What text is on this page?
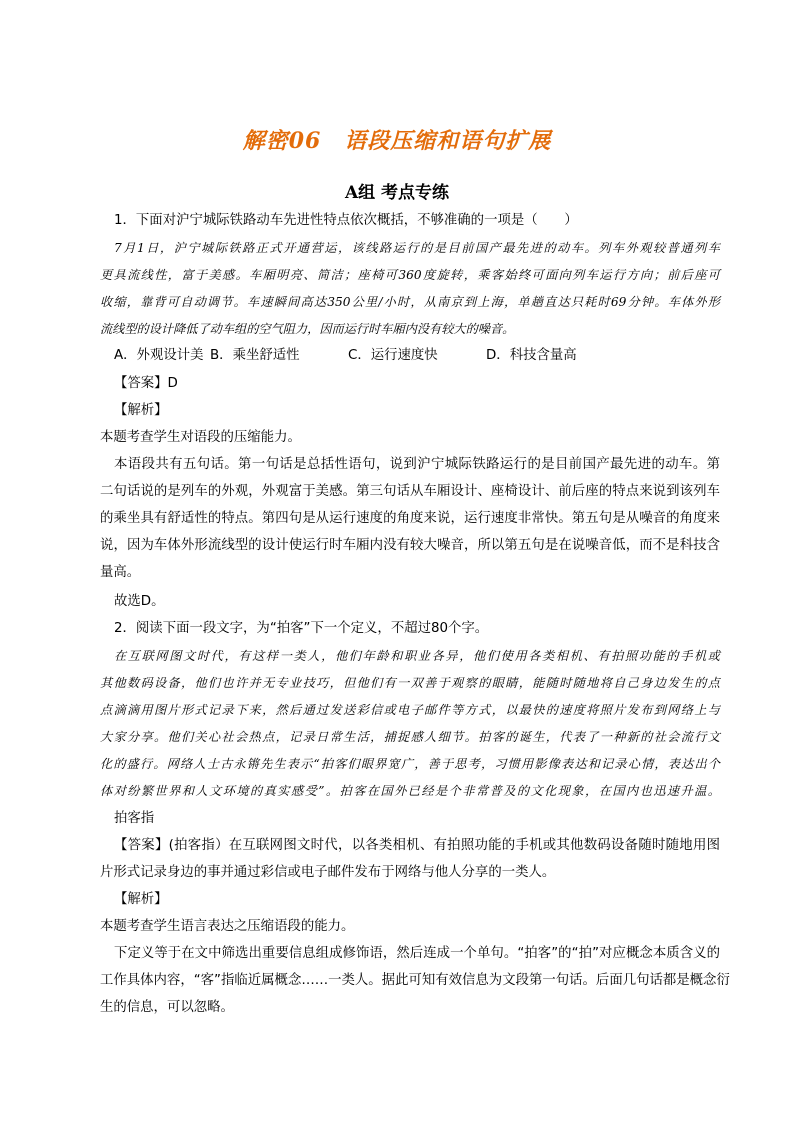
解密06　语段压缩和语句扩展
A组 考点专练
1．下面对沪宁城际铁路动车先进性特点依次概括，不够准确的一项是（　　）
7月1日，沪宁城际铁路正式开通营运，该线路运行的是目前国产最先进的动车。列车外观较普通列车
更具流线性，富于美感。车厢明亮、简洁；座椅可360度旋转，乘客始终可面向列车运行方向；前后座可
收缩，靠背可自动调节。车速瞬间高达350公里/小时，从南京到上海，单趟直达只耗时69分钟。车体外形
流线型的设计降低了动车组的空气阻力，因而运行时车厢内没有较大的噪音。
A．外观设计美 B．乘坐舒适性	C．运行速度快	D．科技含量高
【答案】D
【解析】
本题考查学生对语段的压缩能力。
本语段共有五句话。第一句话是总括性语句，说到沪宁城际铁路运行的是目前国产最先进的动车。第
二句话说的是列车的外观，外观富于美感。第三句话从车厢设计、座椅设计、前后座的特点来说到该列车
的乘坐具有舒适性的特点。第四句是从运行速度的角度来说，运行速度非常快。第五句是从噪音的角度来
说，因为车体外形流线型的设计使运行时车厢内没有较大噪音，所以第五句是在说噪音低，而不是科技含
量高。
故选D。
2．阅读下面一段文字，为“拍客”下一个定义，不超过80个字。
在互联网图文时代，有这样一类人，他们年龄和职业各异，他们使用各类相机、有拍照功能的手机或
其他数码设备，他们也许并无专业技巧，但他们有一双善于观察的眼睛，能随时随地将自己身边发生的点
点滴滴用图片形式记录下来，然后通过发送彩信或电子邮件等方式，以最快的速度将照片发布到网络上与
大家分享。他们关心社会热点，记录日常生活，捕捉感人细节。拍客的诞生，代表了一种新的社会流行文
化的盛行。网络人士古永锵先生表示“拍客们眼界宽广，善于思考，习惯用影像表达和记录心情，表达出个
体对纷繁世界和人文环境的真实感受”。拍客在国外已经是个非常普及的文化现象，在国内也迅速升温。
拍客指
【答案】(拍客指）在互联网图文时代，以各类相机、有拍照功能的手机或其他数码设备随时随地用图
片形式记录身边的事并通过彩信或电子邮件发布于网络与他人分享的一类人。
【解析】
本题考查学生语言表达之压缩语段的能力。
下定义等于在文中筛选出重要信息组成修饰语，然后连成一个单句。“拍客”的“拍”对应概念本质含义的
工作具体内容，“客”指临近属概念……一类人。据此可知有效信息为文段第一句话。后面几句话都是概念衍
生的信息，可以忽略。
